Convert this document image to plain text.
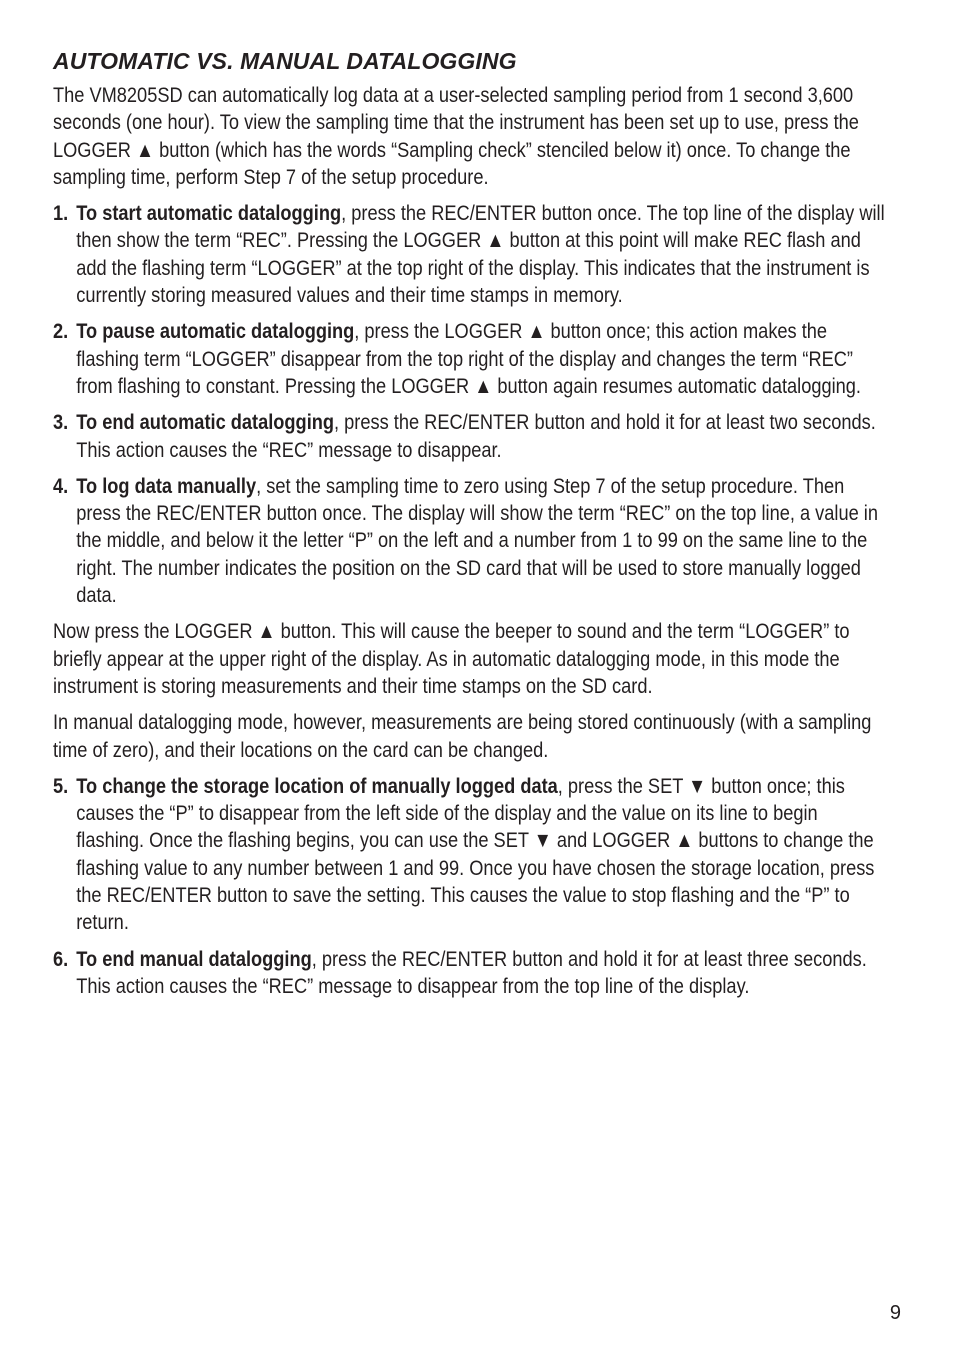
AUTOMATIC VS. MANUAL DATALOGGING

The VM8205SD can automatically log data at a user-selected sampling period from 1 second 3,600 seconds (one hour). To view the sampling time that the instrument has been set up to use, press the LOGGER ▲ button (which has the words “Sampling check” stenciled below it) once. To change the sampling time, perform Step 7 of the setup procedure.

1. To start automatic datalogging, press the REC/ENTER button once. The top line of the display will then show the term “REC”. Pressing the LOGGER ▲ button at this point will make REC flash and add the flashing term “LOGGER” at the top right of the display. This indicates that the instrument is currently storing measured values and their time stamps in memory.
2. To pause automatic datalogging, press the LOGGER ▲ button once; this action makes the flashing term “LOGGER” disappear from the top right of the display and changes the term “REC” from flashing to constant. Pressing the LOGGER ▲ button again resumes automatic datalogging.
3. To end automatic datalogging, press the REC/ENTER button and hold it for at least two seconds. This action causes the “REC” message to disappear.
4. To log data manually, set the sampling time to zero using Step 7 of the setup procedure. Then press the REC/ENTER button once. The display will show the term “REC” on the top line, a value in the middle, and below it the letter “P” on the left and a number from 1 to 99 on the same line to the right. The number indicates the position on the SD card that will be used to store manually logged data.

Now press the LOGGER ▲ button. This will cause the beeper to sound and the term “LOGGER” to briefly appear at the upper right of the display. As in automatic datalogging mode, in this mode the instrument is storing measurements and their time stamps on the SD card.

In manual datalogging mode, however, measurements are being stored continuously (with a sampling time of zero), and their locations on the card can be changed.

5. To change the storage location of manually logged data, press the SET ▼ button once; this causes the “P” to disappear from the left side of the display and the value on its line to begin flashing. Once the flashing begins, you can use the SET ▼ and LOGGER ▲ buttons to change the flashing value to any number between 1 and 99. Once you have chosen the storage location, press the REC/ENTER button to save the setting. This causes the value to stop flashing and the “P” to return.
6. To end manual datalogging, press the REC/ENTER button and hold it for at least three seconds. This action causes the “REC” message to disappear from the top line of the display.
9
